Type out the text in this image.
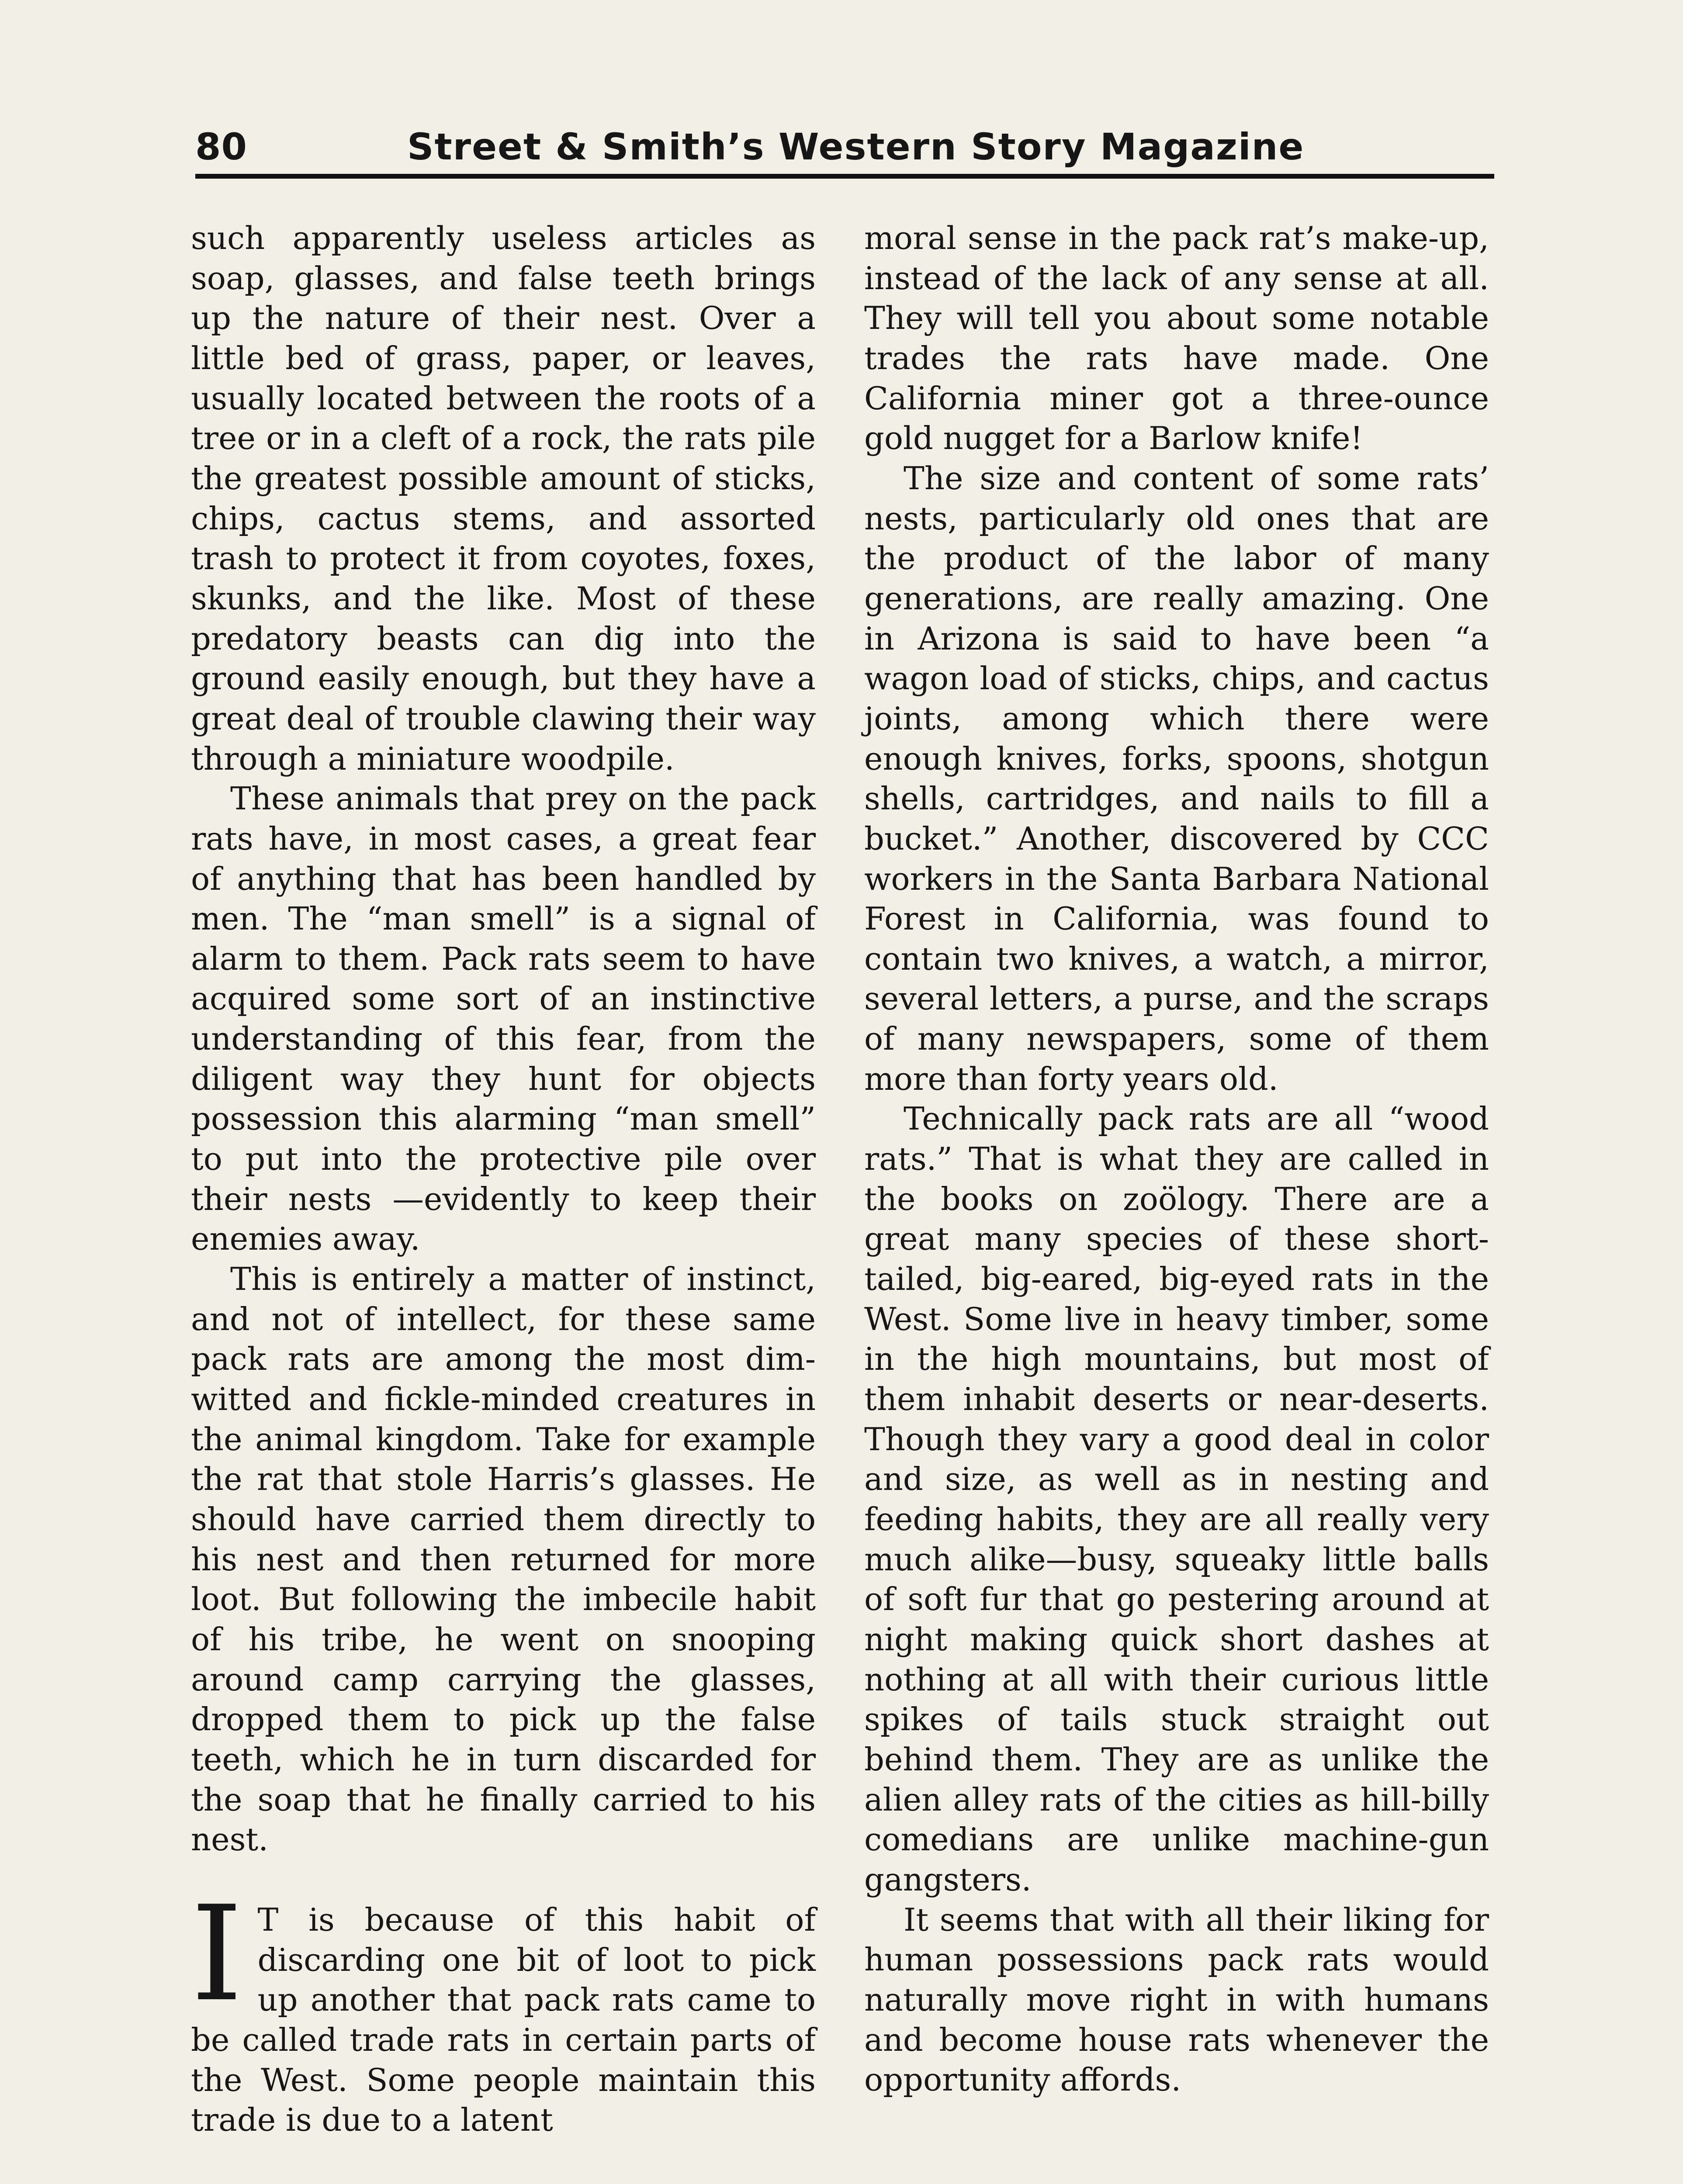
80	Street & Smith’s Western Story Magazine

such apparently useless articles as soap, glasses, and false teeth brings up the nature of their nest. Over a little bed of grass, paper, or leaves, usually located between the roots of a tree or in a cleft of a rock, the rats pile the greatest possible amount of sticks, chips, cactus stems, and assorted trash to protect it from coyotes, foxes, skunks, and the like. Most of these predatory beasts can dig into the ground easily enough, but they have a great deal of trouble clawing their way through a miniature woodpile.

These animals that prey on the pack rats have, in most cases, a great fear of anything that has been handled by men. The “man smell” is a signal of alarm to them. Pack rats seem to have acquired some sort of an instinctive understanding of this fear, from the diligent way they hunt for objects possession this alarming “man smell” to put into the protective pile over their nests —evidently to keep their enemies away.

This is entirely a matter of instinct, and not of intellect, for these same pack rats are among the most dim-witted and fickle-minded creatures in the animal kingdom. Take for example the rat that stole Harris’s glasses. He should have carried them directly to his nest and then returned for more loot. But following the imbecile habit of his tribe, he went on snooping around camp carrying the glasses, dropped them to pick up the false teeth, which he in turn discarded for the soap that he finally carried to his nest.

I T is because of this habit of discarding one bit of loot to pick up another that pack rats came to be called trade rats in certain parts of the West. Some people maintain this trade is due to a latent

moral sense in the pack rat’s make-up, instead of the lack of any sense at all. They will tell you about some notable trades the rats have made. One California miner got a three-ounce gold nugget for a Barlow knife!

The size and content of some rats’ nests, particularly old ones that are the product of the labor of many generations, are really amazing. One in Arizona is said to have been “a wagon load of sticks, chips, and cactus joints, among which there were enough knives, forks, spoons, shotgun shells, cartridges, and nails to fill a bucket.” Another, discovered by CCC workers in the Santa Barbara National Forest in California, was found to contain two knives, a watch, a mirror, several letters, a purse, and the scraps of many newspapers, some of them more than forty years old.

Technically pack rats are all “wood rats.” That is what they are called in the books on zoölogy. There are a great many species of these short-tailed, big-eared, big-eyed rats in the West. Some live in heavy timber, some in the high mountains, but most of them inhabit deserts or near-deserts. Though they vary a good deal in color and size, as well as in nesting and feeding habits, they are all really very much alike—busy, squeaky little balls of soft fur that go pestering around at night making quick short dashes at nothing at all with their curious little spikes of tails stuck straight out behind them. They are as unlike the alien alley rats of the cities as hill-billy comedians are unlike machine-gun gangsters.

It seems that with all their liking for human possessions pack rats would naturally move right in with humans and become house rats whenever the opportunity affords.
